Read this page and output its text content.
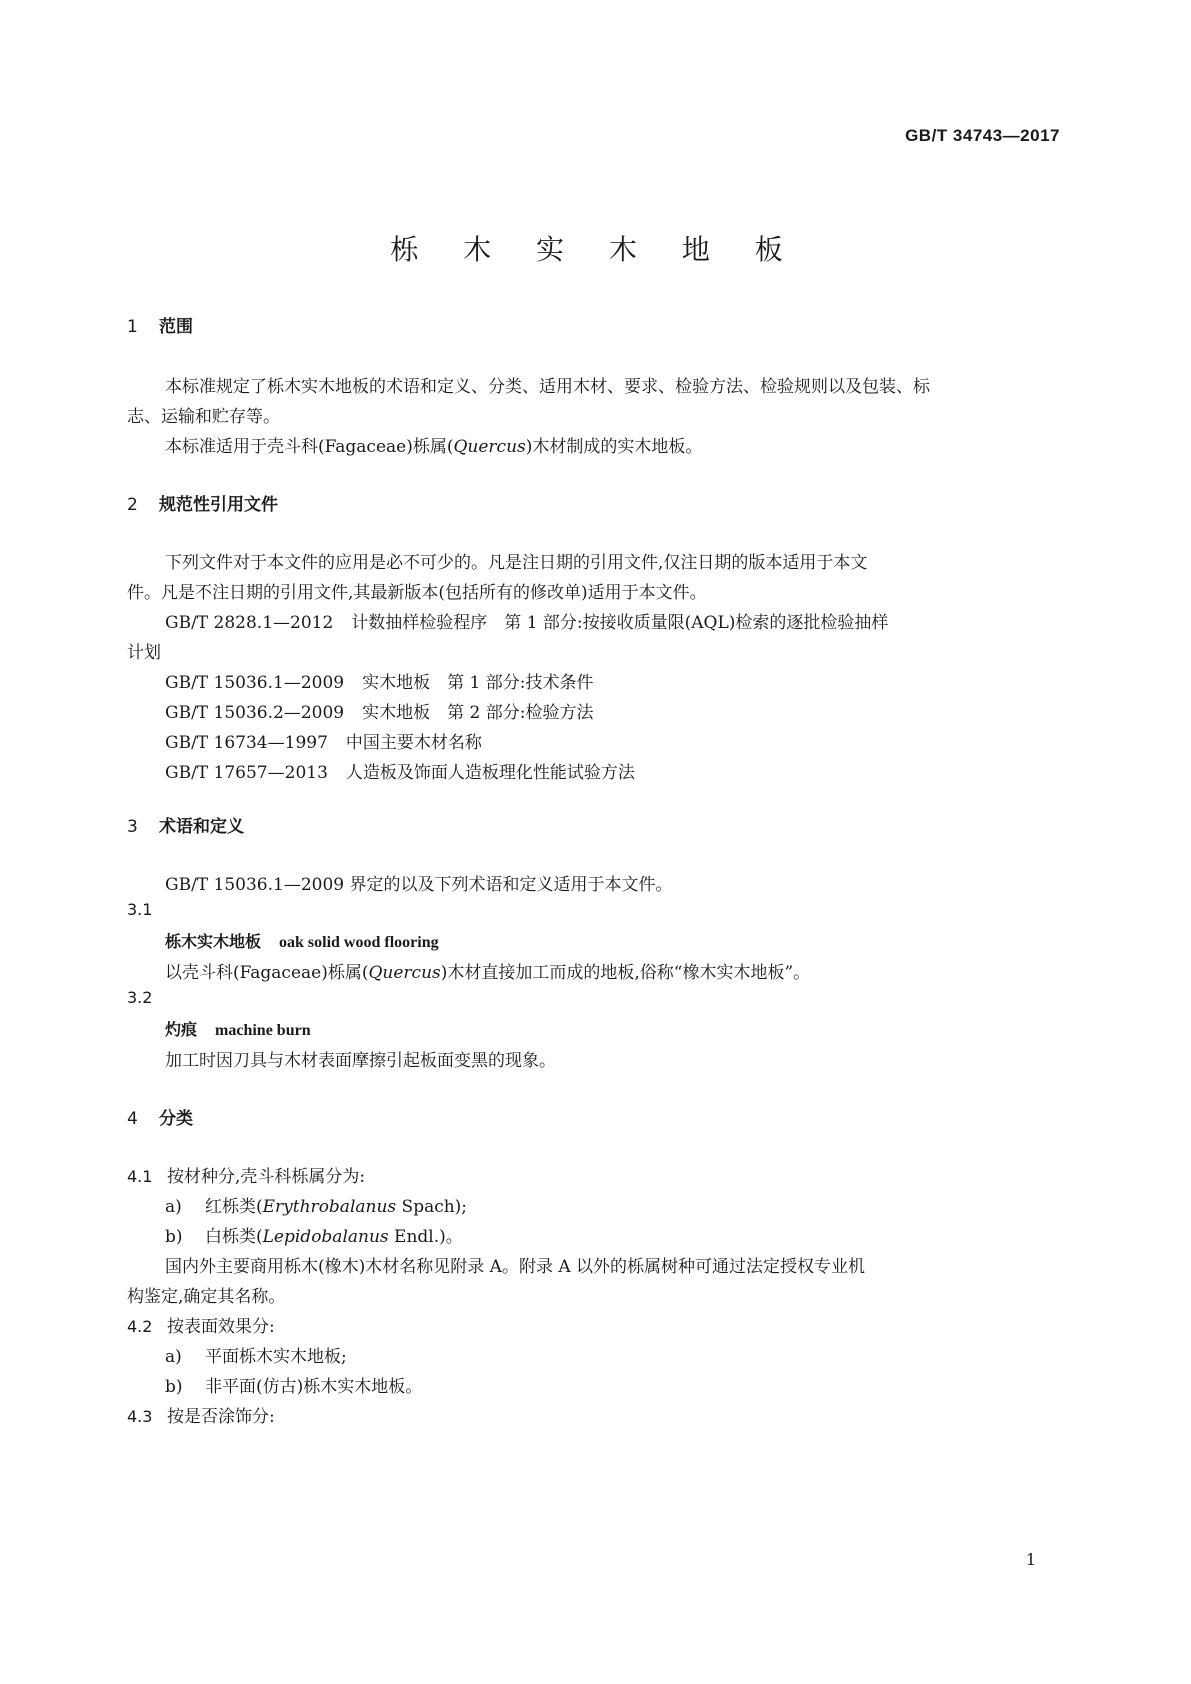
GB/T 34743—2017
栎 木 实 木 地 板
1 范围
本标准规定了栎木实木地板的术语和定义、分类、适用木材、要求、检验方法、检验规则以及包装、标
志、运输和贮存等。
本标准适用于壳斗科(Fagaceae)栎属(Quercus)木材制成的实木地板。
2 规范性引用文件
下列文件对于本文件的应用是必不可少的。凡是注日期的引用文件,仅注日期的版本适用于本文
件。凡是不注日期的引用文件,其最新版本(包括所有的修改单)适用于本文件。
GB/T 2828.1—2012 计数抽样检验程序　第 1 部分:按接收质量限(AQL)检索的逐批检验抽样
计划
GB/T 15036.1—2009 实木地板　第 1 部分:技术条件
GB/T 15036.2—2009 实木地板　第 2 部分:检验方法
GB/T 16734—1997 中国主要木材名称
GB/T 17657—2013 人造板及饰面人造板理化性能试验方法
3 术语和定义
GB/T 15036.1—2009 界定的以及下列术语和定义适用于本文件。
3.1
栎木实木地板 oak solid wood flooring
以壳斗科(Fagaceae)栎属(Quercus)木材直接加工而成的地板,俗称“橡木实木地板”。
3.2
灼痕 machine burn
加工时因刀具与木材表面摩擦引起板面变黑的现象。
4 分类
4.1 按材种分,壳斗科栎属分为:
a) 红栎类(Erythrobalanus Spach);
b) 白栎类(Lepidobalanus Endl.)。
国内外主要商用栎木(橡木)木材名称见附录 A。附录 A 以外的栎属树种可通过法定授权专业机
构鉴定,确定其名称。
4.2 按表面效果分:
a) 平面栎木实木地板;
b) 非平面(仿古)栎木实木地板。
4.3 按是否涂饰分:
1
